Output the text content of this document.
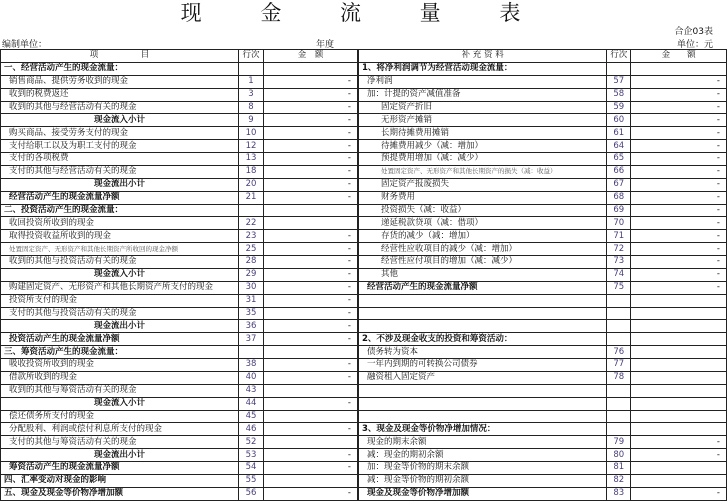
现 金 流 量 表
合企03表
编制单位：	年度	单位：元
项　　　　　目	行次	金　额
一、经营活动产生的现金流量：		
销售商品、提供劳务收到的现金	1	-
收到的税费返还	3	-
收到的其他与经营活动有关的现金	8	-
现金流入小计	9	-
购买商品、接受劳务支付的现金	10	-
支付给职工以及为职工支付的现金	12	-
支付的各项税费	13	-
支付的其他与经营活动有关的现金	18	-
现金流出小计	20	-
经营活动产生的现金流量净额	21	-
二、投资活动产生的现金流量：		
收回投资所收到的现金	22	
取得投资收益所收到的现金	23	-
处置固定资产、无形资产和其他长期资产所收回的现金净额	25	-
收到的其他与投资活动有关的现金	28	-
现金流入小计	29	-
购建固定资产、无形资产和其他长期资产所支付的现金	30	-
投资所支付的现金	31	-
支付的其他与投资活动有关的现金	35	-
现金流出小计	36	-
投资活动产生的现金流量净额	37	-
三、筹资活动产生的现金流量：		
吸收投资所收到的现金	38	-
借款所收到的现金	40	-
收到的其他与筹资活动有关的现金	43	
现金流入小计	44	-
偿还债务所支付的现金	45	
分配股利、利润或偿付利息所支付的现金	46	-
支付的其他与筹资活动有关的现金	52	
现金流出小计	53	-
筹资活动产生的现金流量净额	54	-
四、汇率变动对现金的影响	55	
五、现金及现金等价物净增加额	56	-
补 充 资 料	行次	金　　额
1、将净利润调节为经营活动现金流量：		
净利润	57	-
加：计提的资产减值准备	58	-
固定资产折旧	59	-
无形资产摊销	60	-
长期待摊费用摊销	61	-
待摊费用减少（减：增加）	64	-
预提费用增加（减：减少）	65	-
处置固定资产、无形资产和其他长期资产的损失（减：收益）	66	-
固定资产报废损失	67	-
财务费用	68	-
投资损失（减：收益）	69	-
递延税款贷项（减：借项）	70	-
存货的减少（减：增加）	71	-
经营性应收项目的减少（减：增加）	72	-
经营性应付项目的增加（减：减少）	73	-
其他	74	-
经营活动产生的现金流量净额	75	-

2、不涉及现金收支的投资和筹资活动：		
债务转为资本	76	
一年内到期的可转换公司债券	77	
融资租入固定资产	78	

3、现金及现金等价物净增加情况：		
现金的期末余额	79	-
减：现金的期初余额	80	-
加：现金等价物的期末余额	81	
减：现金等价物的期初余额	82	
现金及现金等价物净增加额	83	-
